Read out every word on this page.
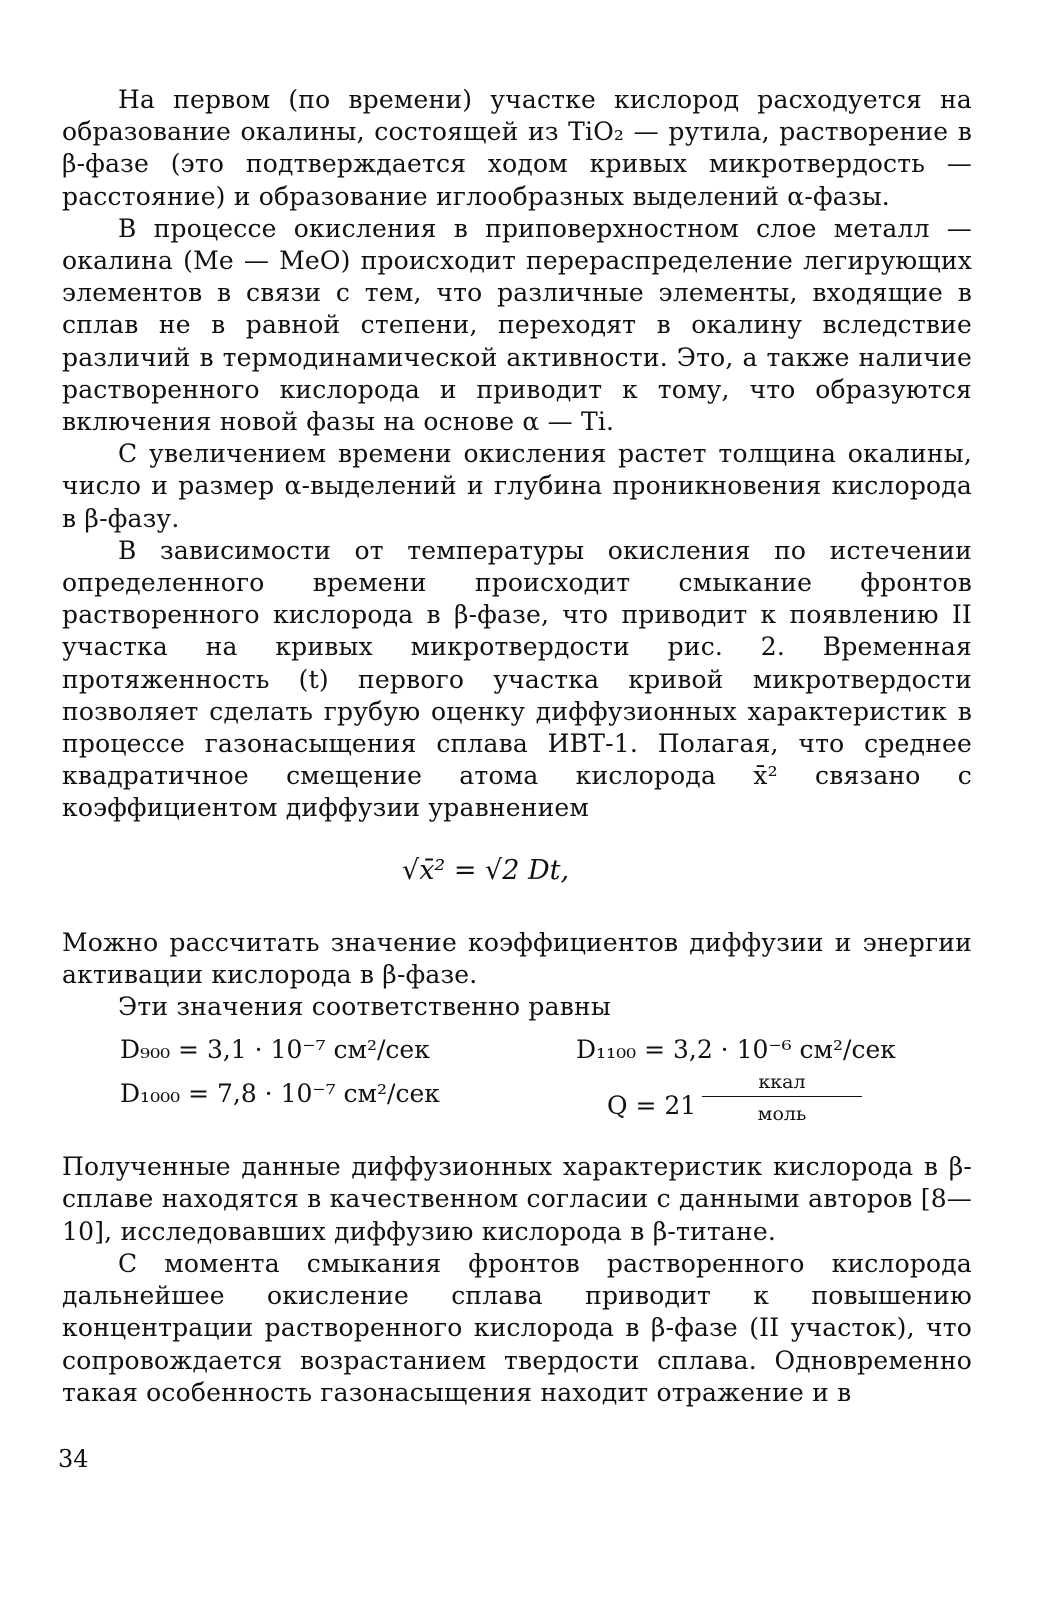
На первом (по времени) участке кислород расходуется на образование окалины, состоящей из TiO₂ — рутила, растворение в β-фазе (это подтверждается ходом кривых микротвердость — расстояние) и образование иглообразных выделений α-фазы.

В процессе окисления в приповерхностном слое металл — окалина (Me — MeO) происходит перераспределение легирующих элементов в связи с тем, что различные элементы, входящие в сплав не в равной степени, переходят в окалину вследствие различий в термодинамической активности. Это, а также наличие растворенного кислорода и приводит к тому, что образуются включения новой фазы на основе α — Ti.

С увеличением времени окисления растет толщина окалины, число и размер α-выделений и глубина проникновения кислорода в β-фазу.

В зависимости от температуры окисления по истечении определенного времени происходит смыкание фронтов растворенного кислорода в β-фазе, что приводит к появлению II участка на кривых микротвердости рис. 2. Временная протяженность (t) первого участка кривой микротвердости позволяет сделать грубую оценку диффузионных характеристик в процессе газонасыщения сплава ИВТ-1. Полагая, что среднее квадратичное смещение атома кислорода x̄² связано с коэффициентом диффузии уравнением

√x̄² = √2 Dt,

Можно рассчитать значение коэффициентов диффузии и энергии активации кислорода в β-фазе.

Эти значения соответственно равны

D₉₀₀ = 3,1 · 10⁻⁷ см²/сек	D₁₁₀₀ = 3,2 · 10⁻⁶ см²/сек
D₁₀₀₀ = 7,8 · 10⁻⁷ см²/сек	Q = 21
ккал
моль

Полученные данные диффузионных характеристик кислорода в β-сплаве находятся в качественном согласии с данными авторов [8—10], исследовавших диффузию кислорода в β-титане.

С момента смыкания фронтов растворенного кислорода дальнейшее окисление сплава приводит к повышению концентрации растворенного кислорода в β-фазе (II участок), что сопровождается возрастанием твердости сплава. Одновременно такая особенность газонасыщения находит отражение и в

34
